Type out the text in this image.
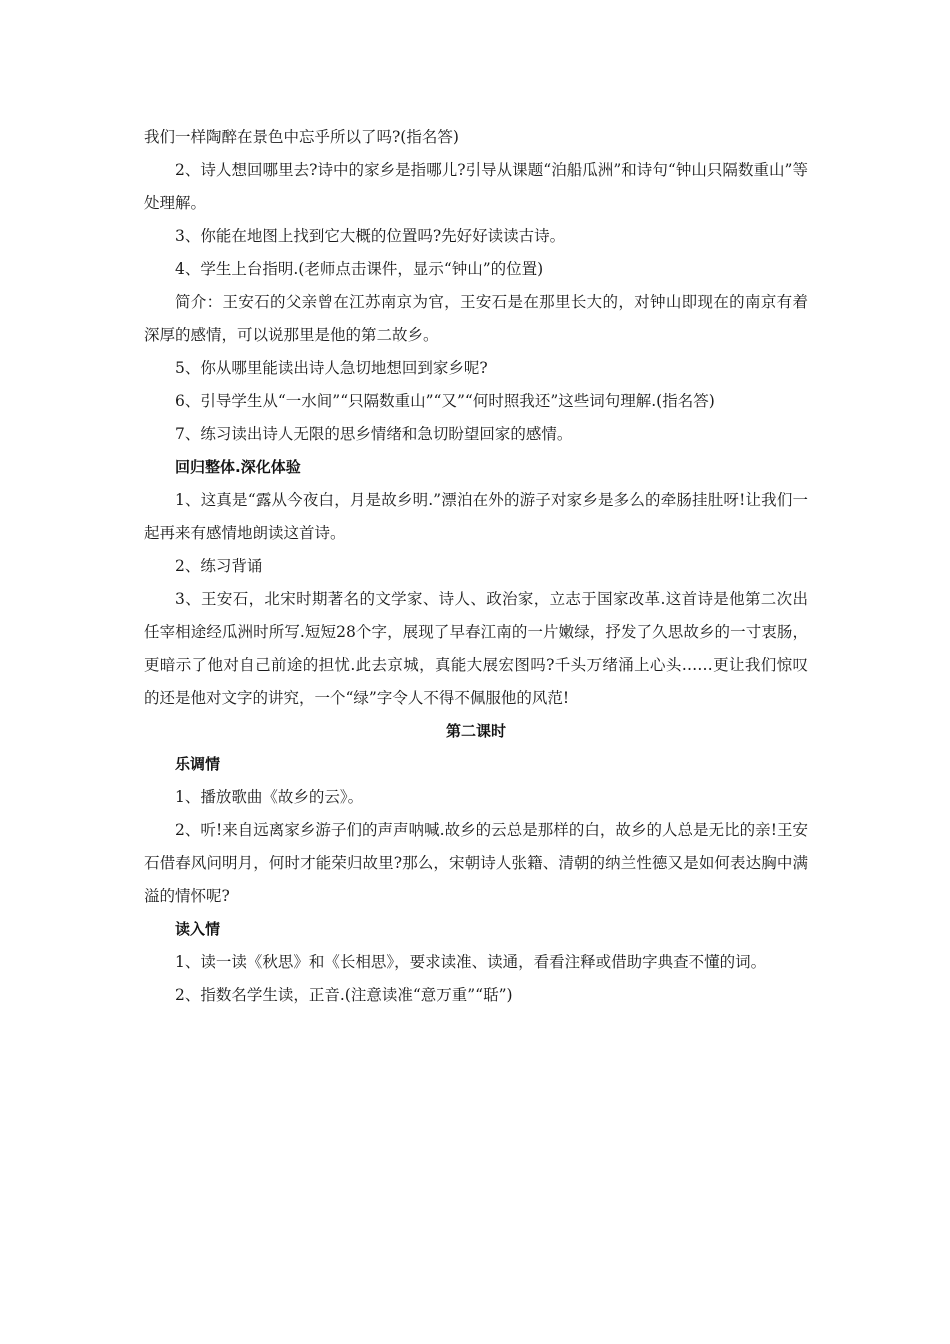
我们一样陶醉在景色中忘乎所以了吗?(指名答)

2、诗人想回哪里去?诗中的家乡是指哪儿?引导从课题“泊船瓜洲”和诗句“钟山只隔数重山”等处理解。

3、你能在地图上找到它大概的位置吗?先好好读读古诗。

4、学生上台指明.(老师点击课件，显示“钟山”的位置)

简介：王安石的父亲曾在江苏南京为官，王安石是在那里长大的，对钟山即现在的南京有着深厚的感情，可以说那里是他的第二故乡。

5、你从哪里能读出诗人急切地想回到家乡呢?

6、引导学生从“一水间”“只隔数重山”“又”“何时照我还”这些词句理解.(指名答)

7、练习读出诗人无限的思乡情绪和急切盼望回家的感情。

回归整体.深化体验

1、这真是“露从今夜白，月是故乡明.”漂泊在外的游子对家乡是多么的牵肠挂肚呀!让我们一起再来有感情地朗读这首诗。

2、练习背诵

3、王安石，北宋时期著名的文学家、诗人、政治家，立志于国家改革.这首诗是他第二次出任宰相途经瓜洲时所写.短短28个字，展现了早春江南的一片嫩绿，抒发了久思故乡的一寸衷肠，更暗示了他对自己前途的担忧.此去京城，真能大展宏图吗?千头万绪涌上心头……更让我们惊叹的还是他对文字的讲究，一个“绿”字令人不得不佩服他的风范!

第二课时

乐调情

1、播放歌曲《故乡的云》。

2、听!来自远离家乡游子们的声声呐喊.故乡的云总是那样的白，故乡的人总是无比的亲!王安石借春风问明月，何时才能荣归故里?那么，宋朝诗人张籍、清朝的纳兰性德又是如何表达胸中满溢的情怀呢?

读入情

1、读一读《秋思》和《长相思》，要求读准、读通，看看注释或借助字典查不懂的词。

2、指数名学生读，正音.(注意读准“意万重”“聒”)
